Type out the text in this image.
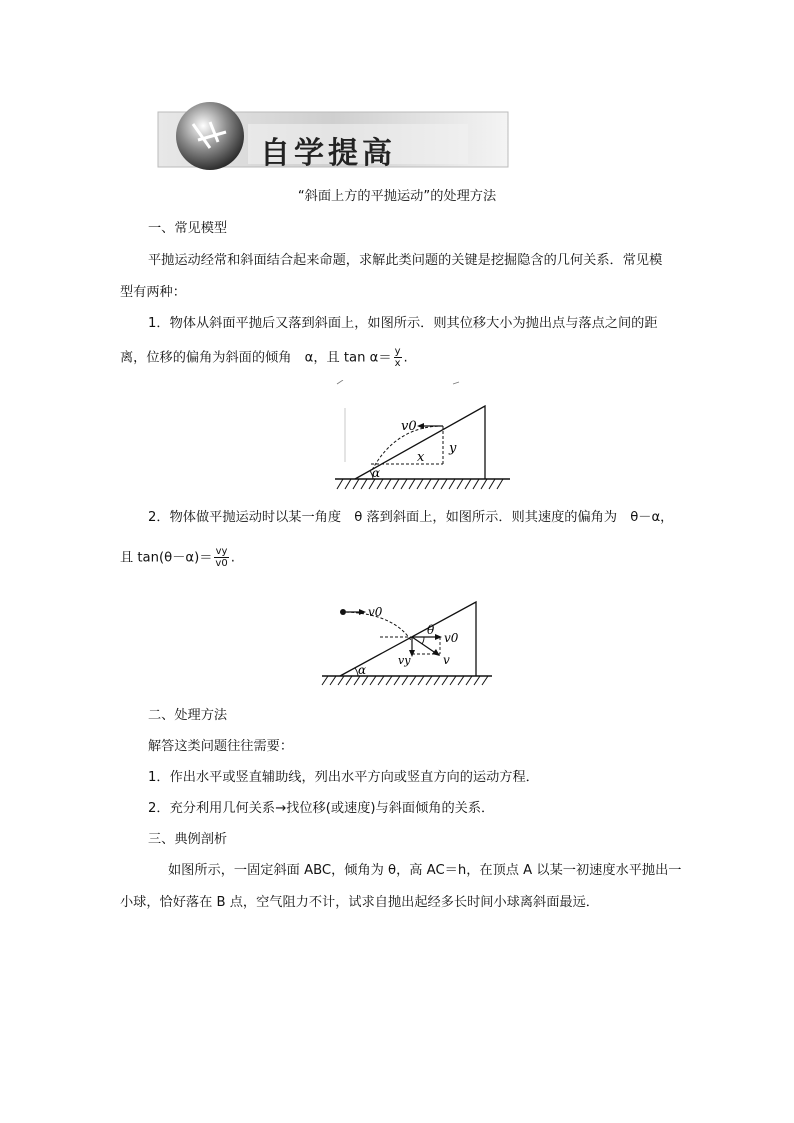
自学提高
“斜面上方的平抛运动”的处理方法
一、常见模型
平抛运动经常和斜面结合起来命题，求解此类问题的关键是挖掘隐含的几何关系．常见模
型有两种：
1．物体从斜面平抛后又落到斜面上，如图所示．则其位移大小为抛出点与落点之间的距
离，位移的偏角为斜面的倾角　α，且 $\tan \alpha= \frac{y}{x}$ .
v0
y
x
α
2．物体做平抛运动时以某一角度　θ 落到斜面上，如图所示．则其速度的偏角为　θ－α，
且 $\tan(\theta-\alpha)= \frac{vy}{v0}$ .
v0
θ
v0
vy	v
α
二、处理方法
解答这类问题往往需要：
1．作出水平或竖直辅助线，列出水平方向或竖直方向的运动方程．
2．充分利用几何关系→找位移(或速度)与斜面倾角的关系．
三、典例剖析
如图所示，一固定斜面 ABC，倾角为 θ，高 AC＝h，在顶点 A 以某一初速度水平抛出一
小球，恰好落在 B 点，空气阻力不计，试求自抛出起经多长时间小球离斜面最远．
